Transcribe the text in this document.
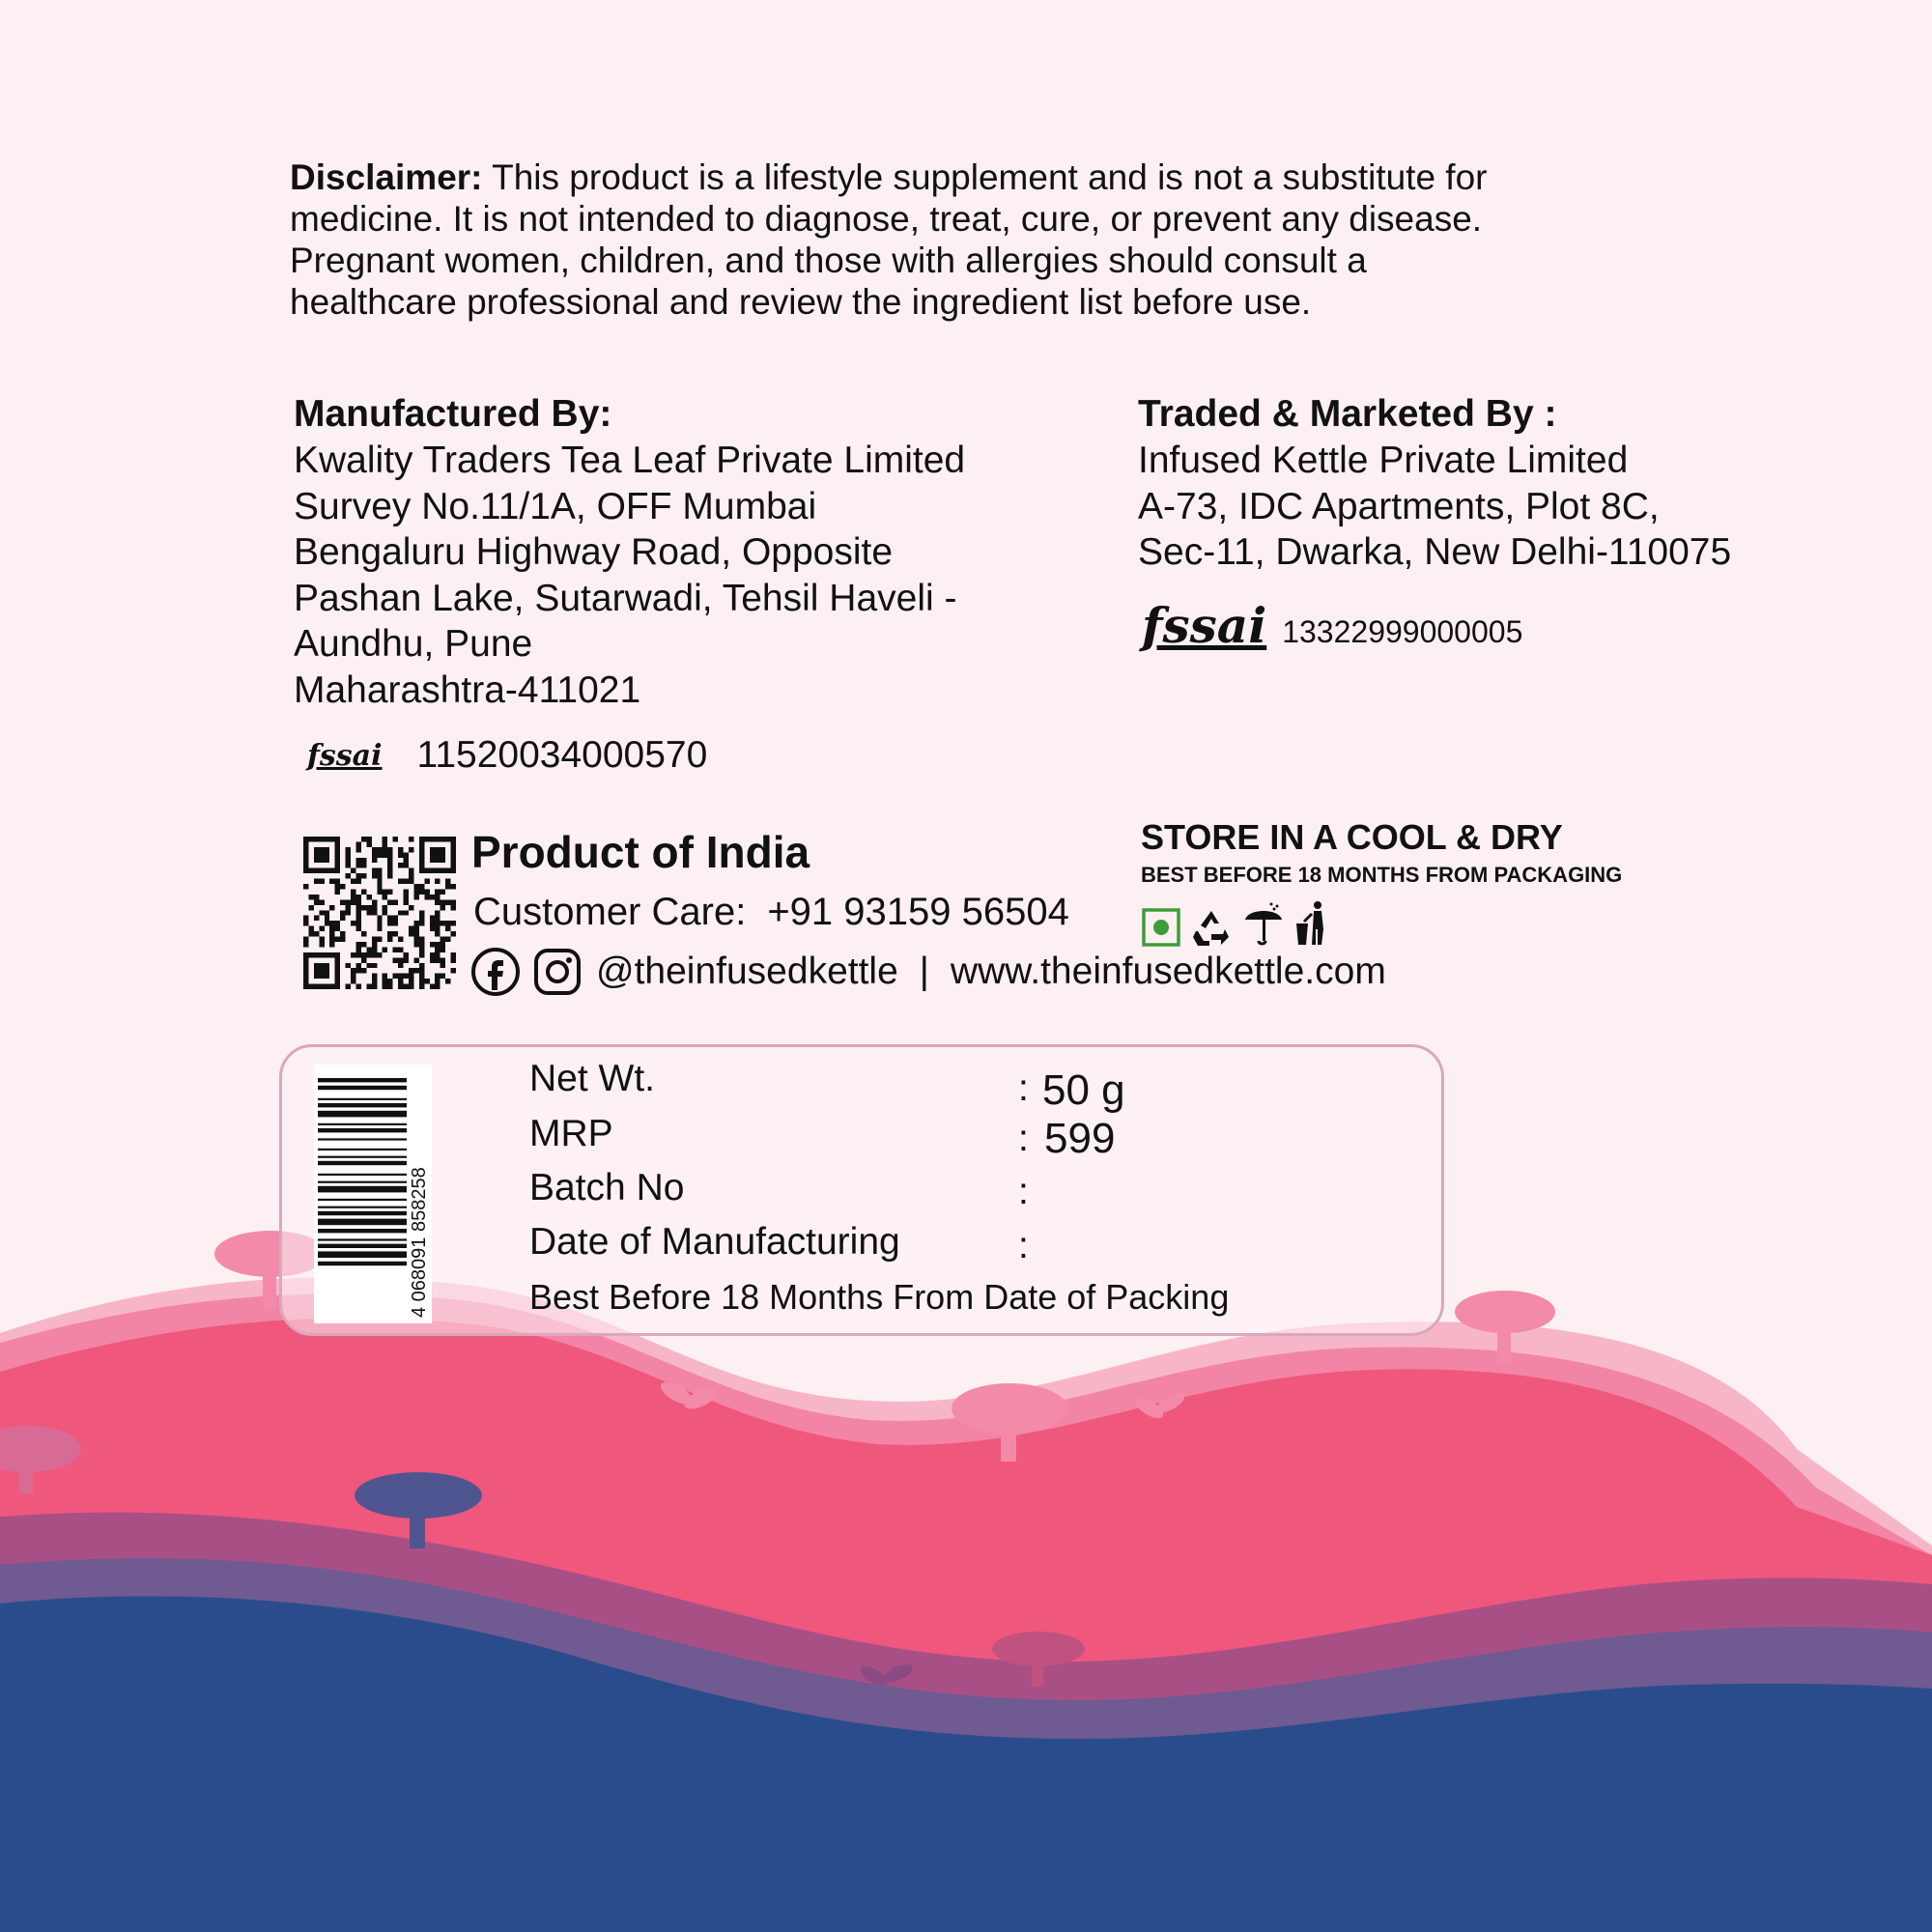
Disclaimer: This product is a lifestyle supplement and is not a substitute for
medicine. It is not intended to diagnose, treat, cure, or prevent any disease.
Pregnant women, children, and those with allergies should consult a
healthcare professional and review the ingredient list before use.
Manufactured By:
Kwality Traders Tea Leaf Private Limited
Survey No.11/1A, OFF Mumbai
Bengaluru Highway Road, Opposite
Pashan Lake, Sutarwadi, Tehsil Haveli -
Aundhu, Pune
Maharashtra-411021
fssai 11520034000570
Traded & Marketed By :
Infused Kettle Private Limited
A-73, IDC Apartments, Plot 8C,
Sec-11, Dwarka, New Delhi-110075
fssai 13322999000005
Product of India
Customer Care: +91 93159 56504
@theinfusedkettle | www.theinfusedkettle.com
STORE IN A COOL & DRY
BEST BEFORE 18 MONTHS FROM PACKAGING
4 068091 858258
Net Wt.	: 50 g
MRP	: 599
Batch No	:
Date of Manufacturing	:
Best Before 18 Months From Date of Packing
